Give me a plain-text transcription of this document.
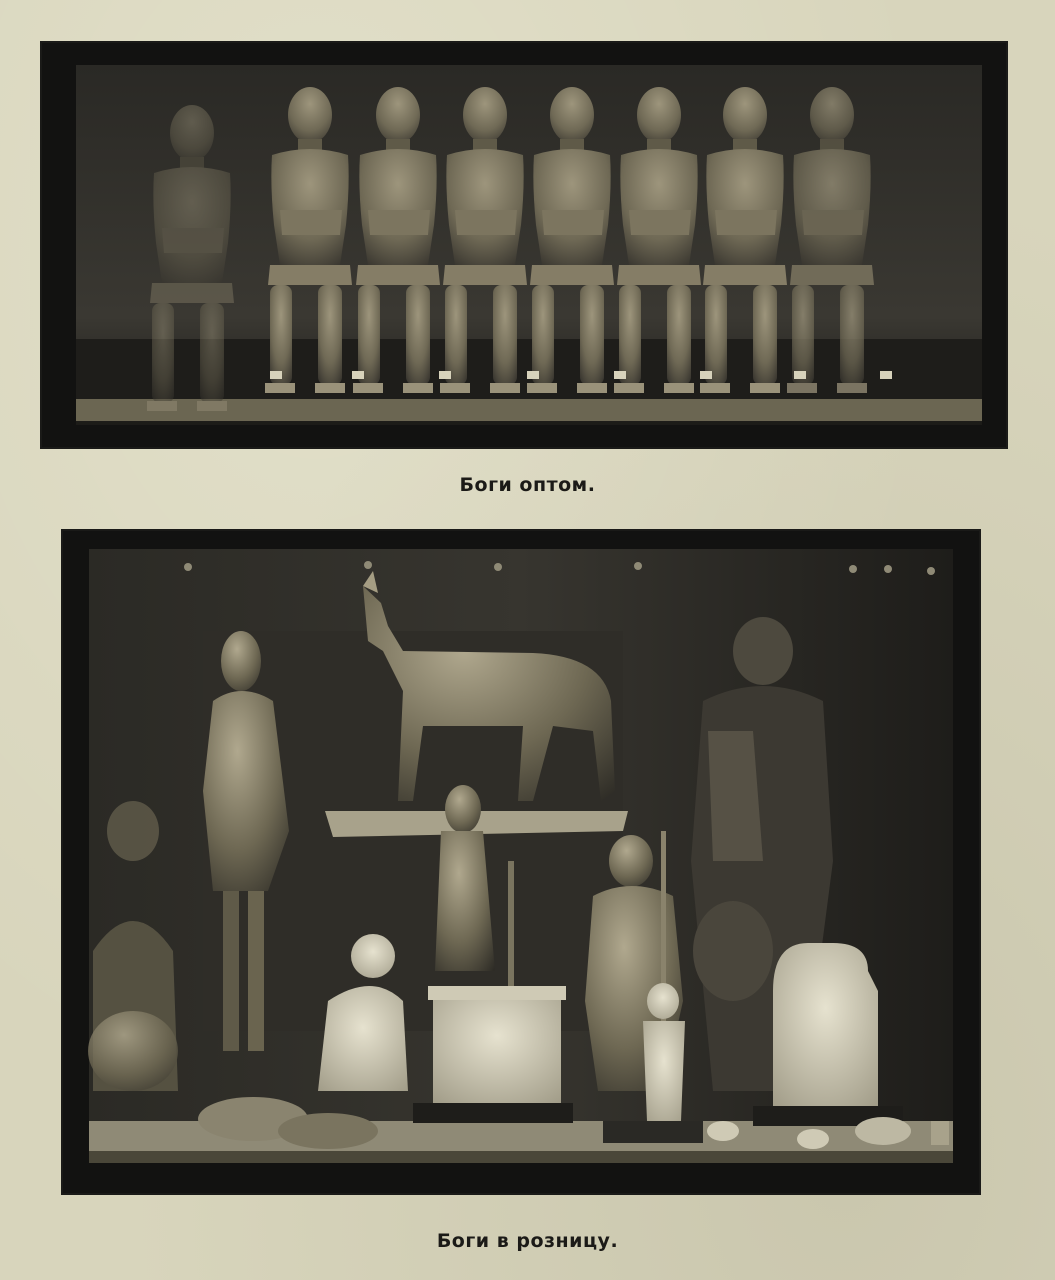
Боги оптом.
Боги в розницу.
